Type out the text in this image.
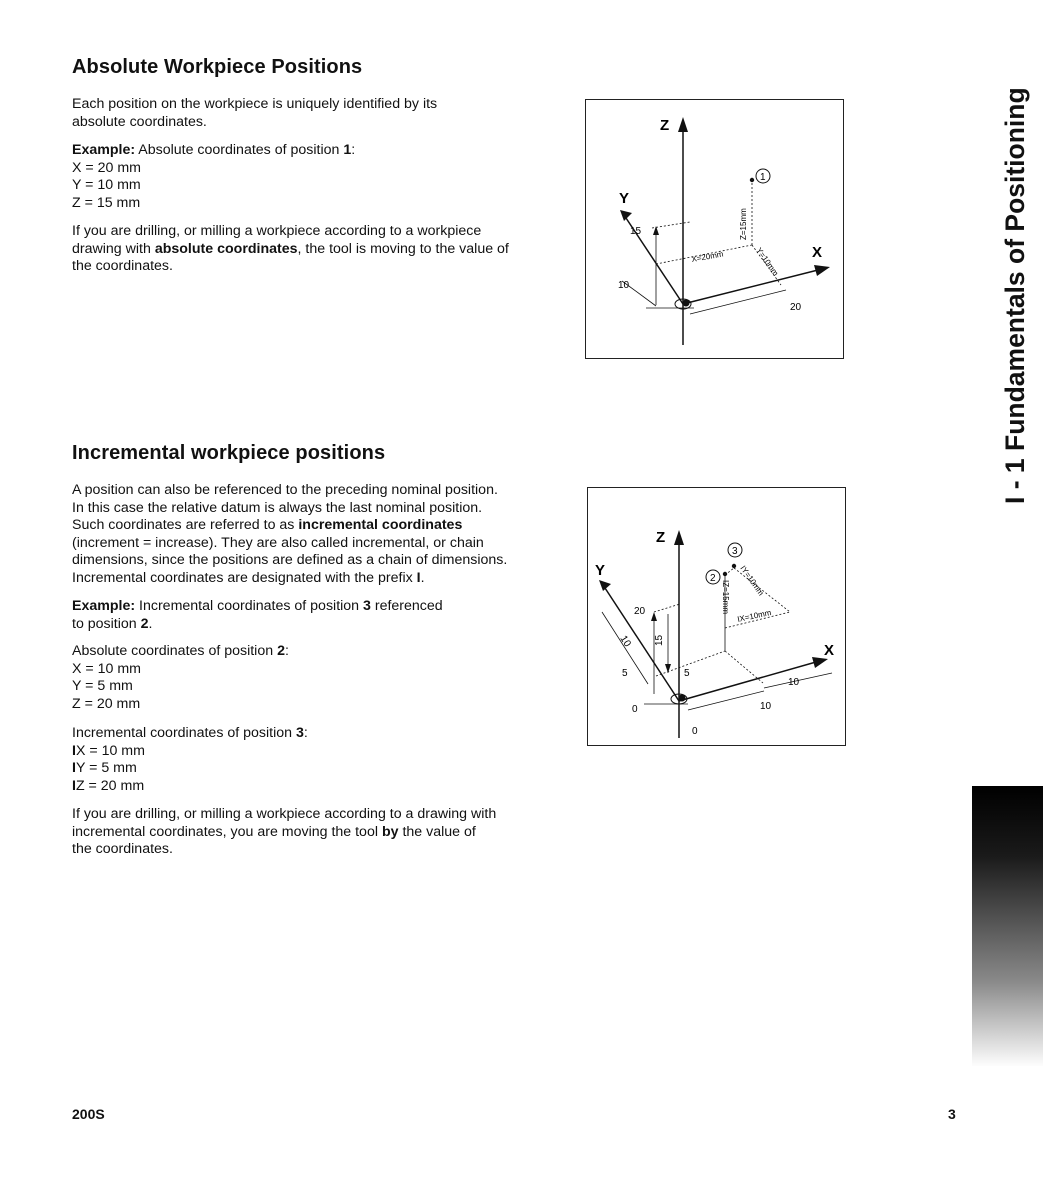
Absolute Workpiece Positions
Each position on the workpiece is uniquely identified by its
absolute coordinates.
Example: Absolute coordinates of position 1:
X = 20 mm
Y = 10 mm
Z = 15 mm
If you are drilling, or milling a workpiece according to a workpiece
drawing with absolute coordinates, the tool is moving to the value of
the coordinates.
Z
X
Y
1
15
10
20
X=20mm	Y=10mm
Z=15mm
Incremental workpiece positions
A position can also be referenced to the preceding nominal position.
In this case the relative datum is always the last nominal position.
Such coordinates are referred to as incremental coordinates
(increment = increase). They are also called incremental, or chain
dimensions, since the positions are defined as a chain of dimensions.
Incremental coordinates are designated with the prefix I.
Example: Incremental coordinates of position 3 referenced
to position 2.
Absolute coordinates of position 2:
X = 10 mm
Y = 5 mm
Z = 20 mm
Incremental coordinates of position 3:
IX = 10 mm
IY = 5 mm
IZ = 20 mm
If you are drilling, or milling a workpiece according to a drawing with
incremental coordinates, you are moving the tool by the value of
the coordinates.
Z
X
Y	2
3
IY=10mm
IZ=15mm
IX=10mm
20
15
10
5	5
0
0
10
10
I - 1 Fundamentals of Positioning
200S	3
